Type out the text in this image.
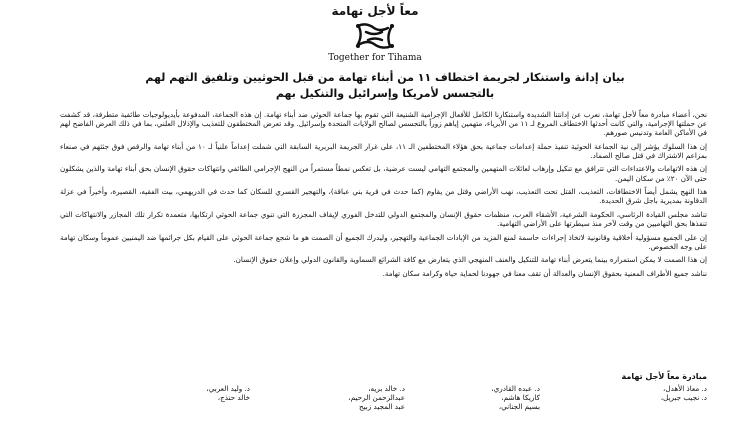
معاً لأجل تهامة
Together for Tihama
بيان إدانة واستنكار لجريمة اختطاف ١١ من أبناء تهامة من قبل الحوثيين وتلفيق التهم لهم
بالتجسس لأمريكا وإسرائيل والتنكيل بهم

نحن، أعضاء مبادرة معاً لأجل تهامة، نعرب عن إدانتنا الشديدة واستنكارنا الكامل للأفعال الإجرامية الشنيعة التي تقوم بها جماعة الحوثي ضد أبناء تهامة. إن هذه الجماعة، المدفوعة بأيديولوجيات طائفية متطرفة، قد كشفت عن حملتها الإجرامية، والتي كانت أحدثها الاختطاف المروع لـ ١١ من الأبرياء، متهمين إياهم زوراً بالتجسس لصالح الولايات المتحدة وإسرائيل. وقد تعرض المختطفون للتعذيب والإذلال العلني، بما في ذلك العرض الفاضح لهم في الأماكن العامة وتدنيس صورهم.

إن هذا السلوك يؤشر إلى نية الجماعة الحوثية تنفيذ حملة إعدامات جماعية بحق هؤلاء المختطفين الـ ١١، على غرار الجريمة البربرية السابقة التي شملت إعداماً علنياً لـ ١٠ من أبناء تهامة والرقص فوق جثثهم في صنعاء بمزاعم الاشتراك في قتل صالح الصماد.

إن هذه الاتهامات والاعتداءات التي تترافق مع تنكيل وإرهاب لعائلات المتهمين والمجتمع التهامي ليست عرضية، بل تعكس نمطاً مستمراً من النهج الإجرامي الطائفي وانتهاكات حقوق الإنسان بحق أبناء تهامة والذين يشكلون حتى الآن ٢٠٪ من سكان اليمن.

هذا النهج يشمل أيضاً الاختطافات، التعذيب، القتل تحت التعذيب، نهب الأراضي وقتل من يقاوم (كما حدث في قرية بني عباقة)، والتهجير القسري للسكان كما حدث في الدريهمي، بيت الفقيه، القصيرة، وأخيراً في عزلة الدقاونة بمديرية باجل شرق الحديدة.

تناشد مجلس القيادة الرئاسي، الحكومة الشرعية، الأشقاء العرب، منظمات حقوق الإنسان والمجتمع الدولي للتدخل الفوري لإيقاف المجزرة التي تنوي جماعة الحوثي ارتكابها، متعمدة تكرار تلك المجازر والانتهاكات التي تنفذها بحق التهاميين من وقت لآخر منذ سيطرتها على الأراضي التهامية.

إن على الجميع مسؤولية أخلاقية وقانونية لاتخاذ إجراءات حاسمة لمنع المزيد من الإبادات الجماعية والتهجير، وليدرك الجميع أن الصمت هو ما شجع جماعة الحوثي على القيام بكل جرائمها ضد اليمنيين عموماً وسكان تهامة على وجه الخصوص.

إن هذا الصمت لا يمكن استمراره بينما يتعرض أبناء تهامة للتنكيل والعنف المنهجي الذي يتعارض مع كافة الشرائع السماوية والقانون الدولي وإعلان حقوق الإنسان.

نناشد جميع الأطراف المعنية بحقوق الإنسان والعدالة أن تقف معنا في جهودنا لحماية حياة وكرامة سكان تهامة.

مبادرة معاً لأجل تهامة
د. معاذ الأهدل،
د. نجيب جبريل،
د. عبده القادري،
كاريكا هاشم،
بسيم الجناني،
د. خالد بريه،
عبدالرحمن الرحيم،
عبد المجيد زبيح
د. وليد العربي،
خالد حنذج،
